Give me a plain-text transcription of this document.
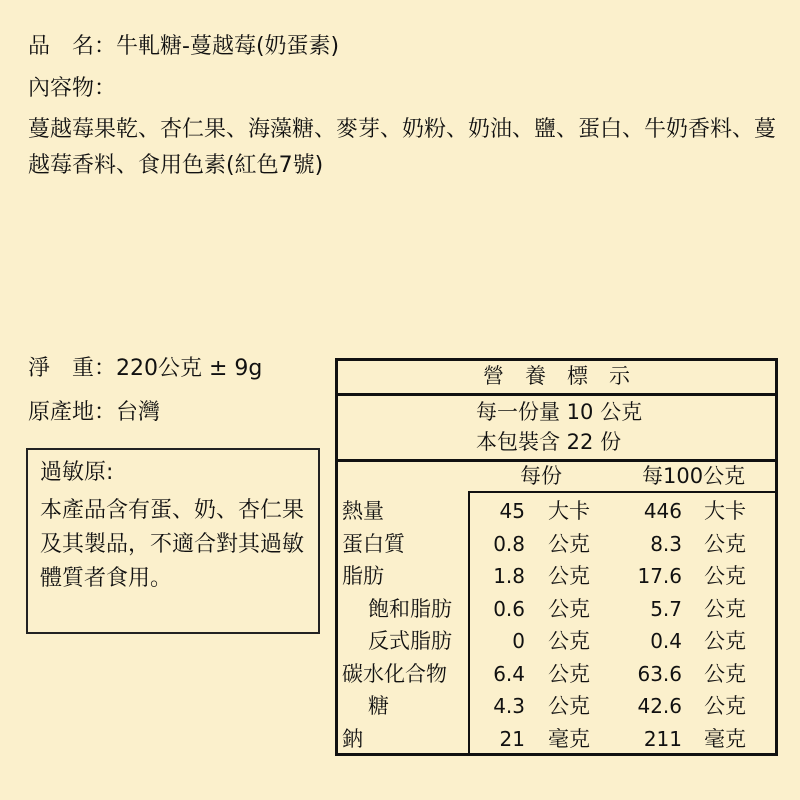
品　名：牛軋糖-蔓越莓(奶蛋素)
內容物：
蔓越莓果乾、杏仁果、海藻糖、麥芽、奶粉、奶油、鹽、蛋白、牛奶香料、蔓越莓香料、食用色素(紅色7號)
淨　重：220公克 ± 9g
原產地：台灣
過敏原:
本產品含有蛋、奶、杏仁果及其製品，不適合對其過敏體質者食用。
營　養　標　示
每一份量 10 公克
本包裝含 22 份
每份	每100公克
熱量	45 大卡	446 大卡
蛋白質	0.8 公克	8.3 公克
脂肪	1.8 公克	17.6 公克
飽和脂肪	0.6 公克	5.7 公克
反式脂肪	0 公克	0.4 公克
碳水化合物	6.4 公克	63.6 公克
糖	4.3 公克	42.6 公克
鈉	21 毫克	211 毫克
